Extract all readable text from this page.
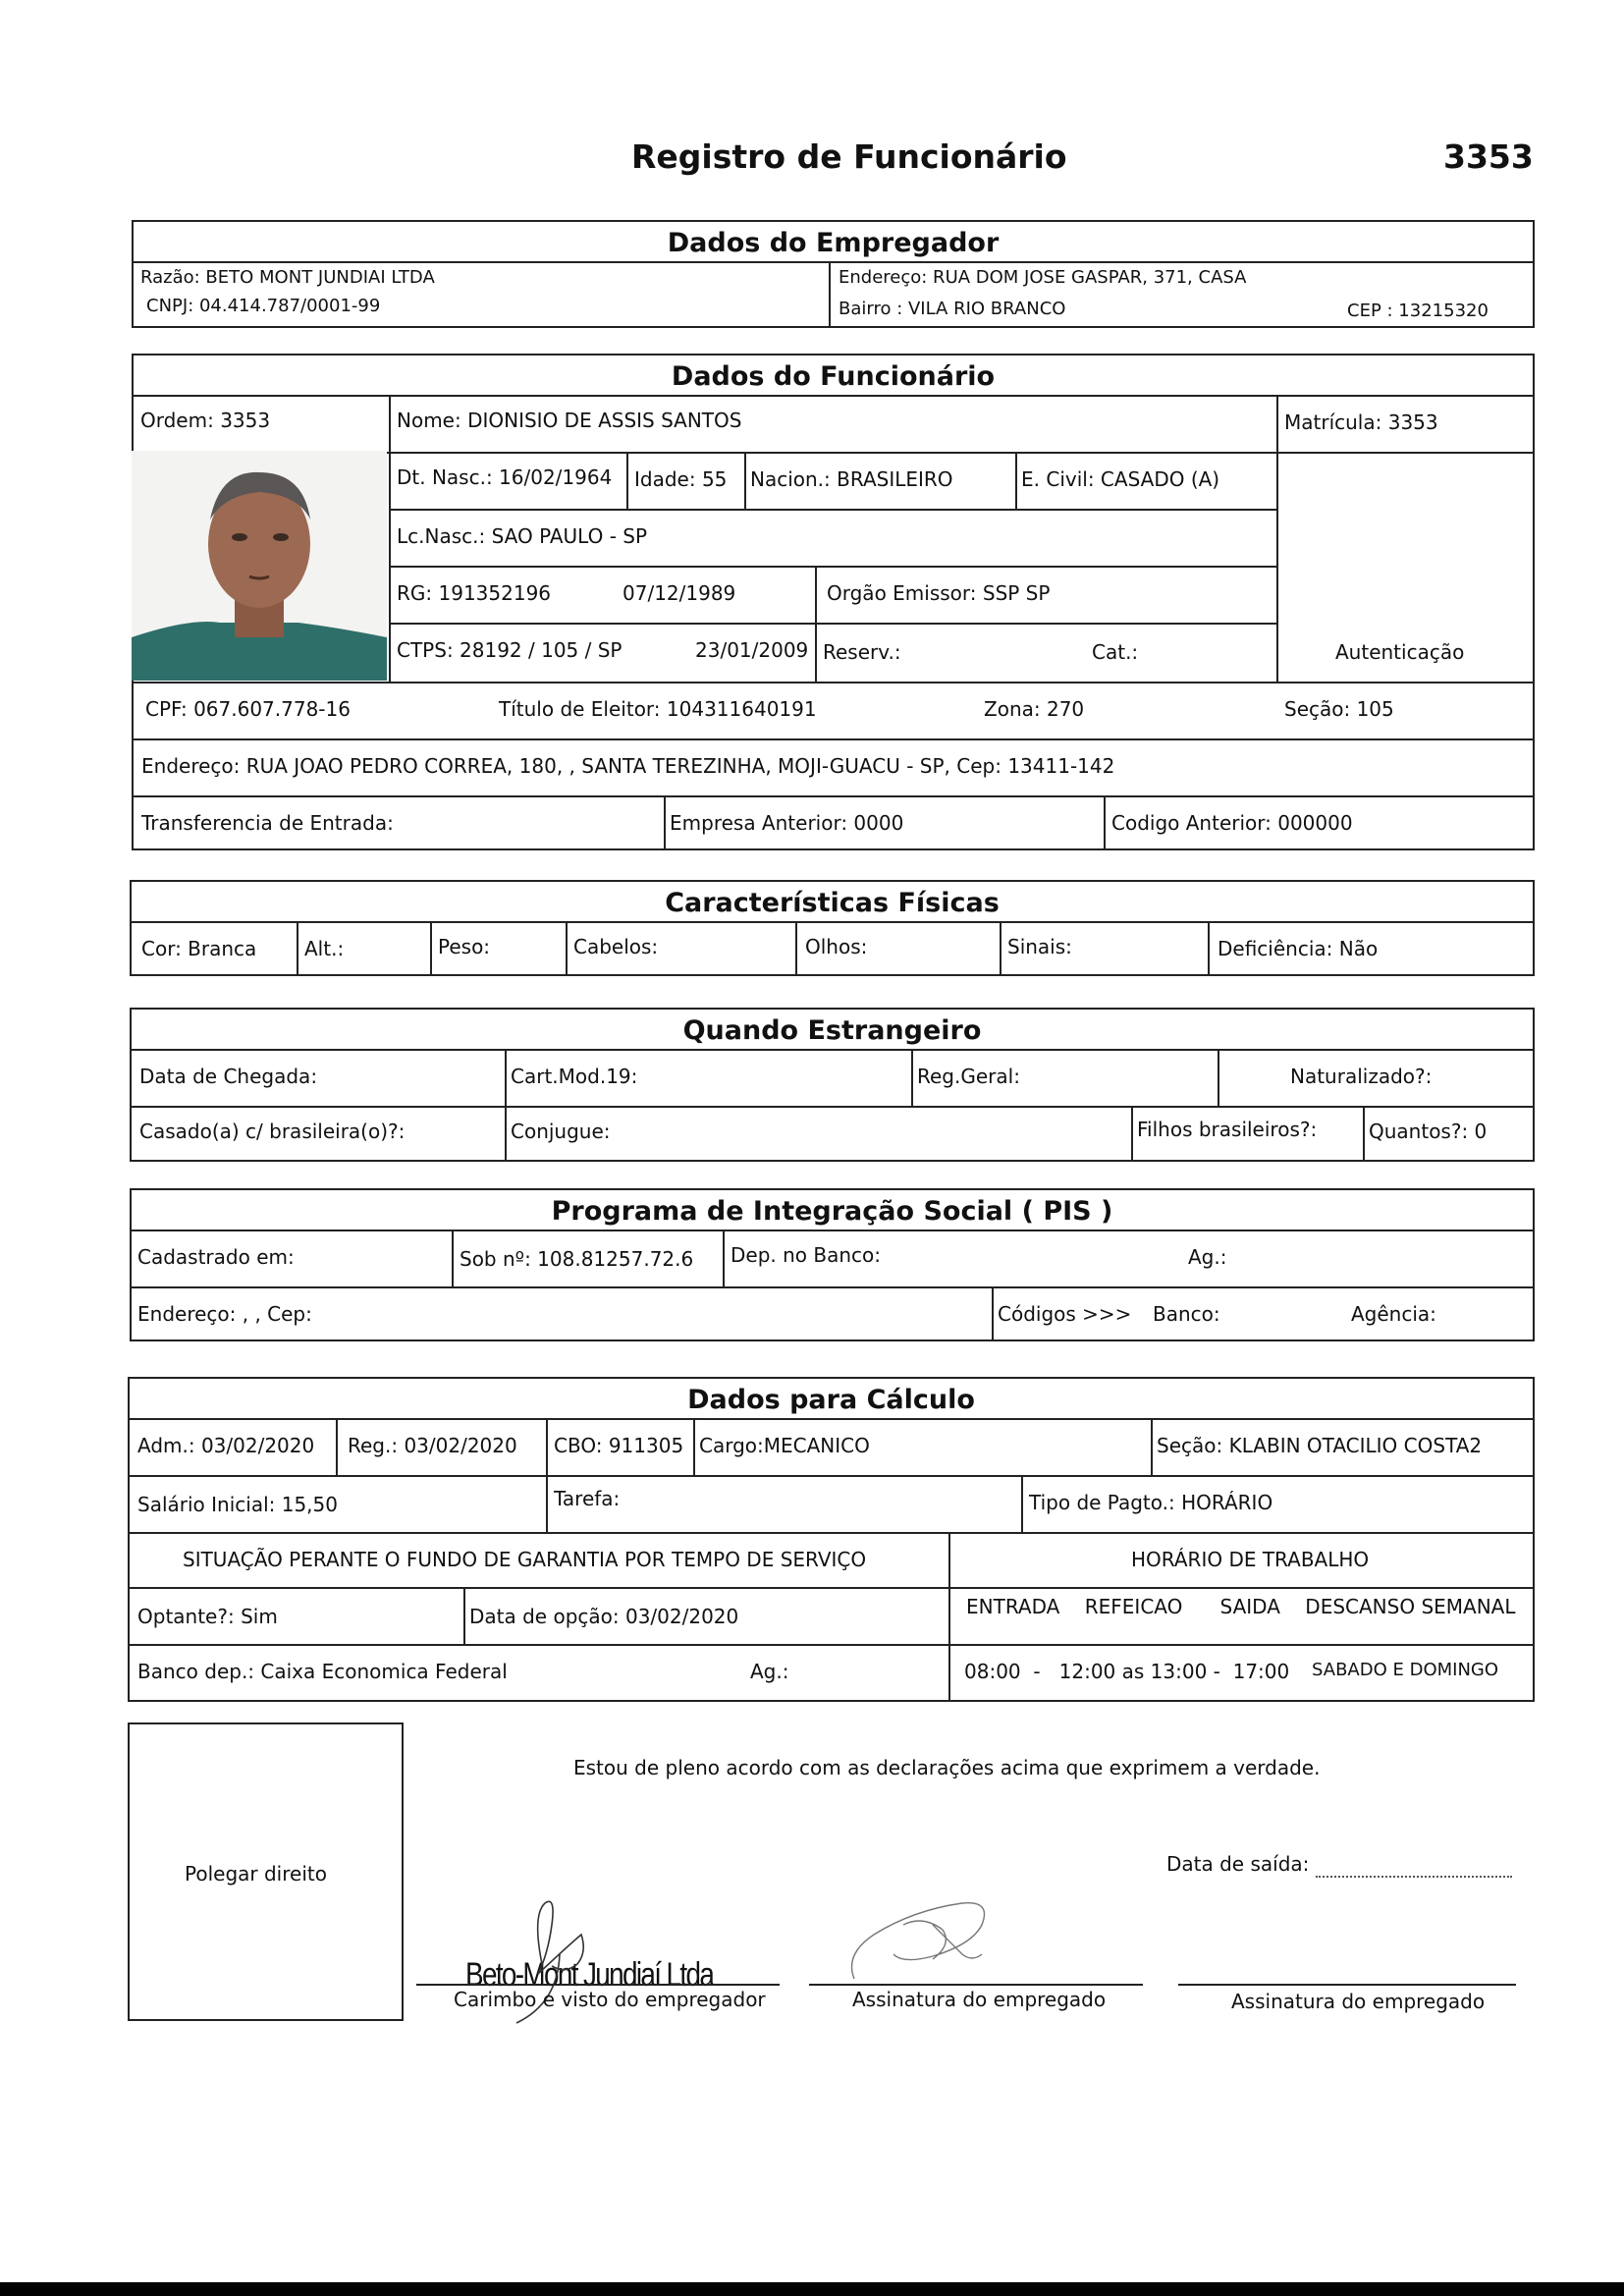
Registro de Funcionário	3353
Dados do Empregador
Razão: BETO MONT JUNDIAI LTDA
CNPJ: 04.414.787/0001-99
Endereço: RUA DOM JOSE GASPAR, 371, CASA
Bairro : VILA RIO BRANCO	CEP : 13215320
Dados do Funcionário
Ordem: 3353	Nome: DIONISIO DE ASSIS SANTOS	Matrícula: 3353
Dt. Nasc.: 16/02/1964 Idade: 55 Nacion.: BRASILEIRO	E. Civil: CASADO (A)
Lc.Nasc.: SAO PAULO - SP
RG: 191352196	07/12/1989	Orgão Emissor: SSP SP
CTPS: 28192 / 105 / SP	23/01/2009 Reserv.:	Cat.:	Autenticação
CPF: 067.607.778-16	Título de Eleitor: 104311640191	Zona: 270	Seção: 105
Endereço: RUA JOAO PEDRO CORREA, 180, , SANTA TEREZINHA, MOJI-GUACU - SP, Cep: 13411-142
Transferencia de Entrada:	Empresa Anterior: 0000	Codigo Anterior: 000000
Características Físicas
Cor: Branca Alt.:	Peso:	Cabelos:	Olhos:	Sinais:	Deficiência: Não
Quando Estrangeiro
Data de Chegada:	Cart.Mod.19:	Reg.Geral:	Naturalizado?:
Casado(a) c/ brasileira(o)?:	Conjugue:	Filhos brasileiros?:	Quantos?: 0
Programa de Integração Social ( PIS )
Cadastrado em:	Sob nº: 108.81257.72.6 Dep. no Banco:	Ag.:
Endereço: , , Cep:	Códigos >>> Banco:	Agência:
Dados para Cálculo
Adm.: 03/02/2020 Reg.: 03/02/2020 CBO: 911305 Cargo:MECANICO	Seção: KLABIN OTACILIO COSTA2
Salário Inicial: 15,50	Tarefa:	Tipo de Pagto.: HORÁRIO
SITUAÇÃO PERANTE O FUNDO DE GARANTIA POR TEMPO DE SERVIÇO	HORÁRIO DE TRABALHO
Optante?: Sim	Data de opção: 03/02/2020	ENTRADA    REFEICAO      SAIDA    DESCANSO SEMANAL
Banco dep.: Caixa Economica Federal	Ag.:	08:00  -   12:00 as 13:00 -  17:00 SABADO E DOMINGO
Polegar direito
Estou de pleno acordo com as declarações acima que exprimem a verdade.
Data de saída:
Beto-Mont Jundiaí Ltda
Carimbo e visto do empregador	Assinatura do empregado	Assinatura do empregado
